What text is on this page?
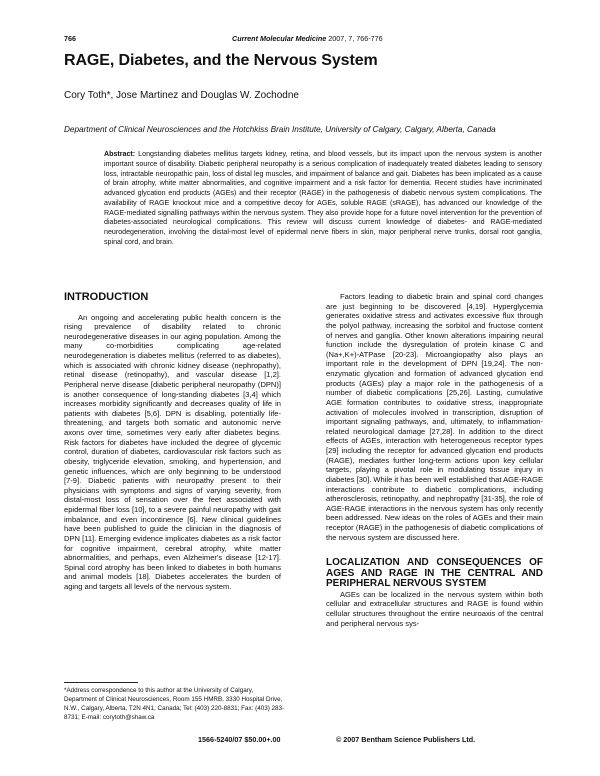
766	Current Molecular Medicine 2007, 7, 766-776
RAGE, Diabetes, and the Nervous System
Cory Toth*, Jose Martinez and Douglas W. Zochodne
Department of Clinical Neurosciences and the Hotchkiss Brain Institute, University of Calgary, Calgary, Alberta, Canada
Abstract: Longstanding diabetes mellitus targets kidney, retina, and blood vessels, but its impact upon the nervous system is another important source of disability. Diabetic peripheral neuropathy is a serious complication of inadequately treated diabetes leading to sensory loss, intractable neuropathic pain, loss of distal leg muscles, and impairment of balance and gait. Diabetes has been implicated as a cause of brain atrophy, white matter abnormalities, and cognitive impairment and a risk factor for dementia. Recent studies have incriminated advanced glycation end products (AGEs) and their receptor (RAGE) in the pathogenesis of diabetic nervous system complications. The availability of RAGE knockout mice and a competitive decoy for AGEs, soluble RAGE (sRAGE), has advanced our knowledge of the RAGE-mediated signalling pathways within the nervous system. They also provide hope for a future novel intervention for the prevention of diabetes-associated neurological complications. This review will discuss current knowledge of diabetes- and RAGE-mediated neurodegeneration, involving the distal-most level of epidermal nerve fibers in skin, major peripheral nerve trunks, dorsal root ganglia, spinal cord, and brain.

INTRODUCTION

An ongoing and accelerating public health concern is the rising prevalence of disability related to chronic neurodegenerative diseases in our aging population. Among the many co-morbidities complicating age-related neurodegeneration is diabetes mellitus (referred to as diabetes), which is associated with chronic kidney disease (nephropathy), retinal disease (retinopathy), and vascular disease [1,2]. Peripheral nerve disease [diabetic peripheral neuropathy (DPN)] is another consequence of long-standing diabetes [3,4] which increases morbidity significantly and decreases quality of life in patients with diabetes [5,6]. DPN is disabling, potentially life-threatening, and targets both somatic and autonomic nerve axons over time, sometimes very early after diabetes begins. Risk factors for diabetes have included the degree of glycemic control, duration of diabetes, cardiovascular risk factors such as obesity, triglyceride elevation, smoking, and hypertension, and genetic influences, which are only beginning to be understood [7-9]. Diabetic patients with neuropathy present to their physicians with symptoms and signs of varying severity, from distal-most loss of sensation over the feet associated with epidermal fiber loss [10], to a severe painful neuropathy with gait imbalance, and even incontinence [6]. New clinical guidelines have been published to guide the clinician in the diagnosis of DPN [11]. Emerging evidence implicates diabetes as a risk factor for cognitive impairment, cerebral atrophy, white matter abnormalities, and perhaps, even Alzheimer's disease [12-17]. Spinal cord atrophy has been linked to diabetes in both humans and animal models [18]. Diabetes accelerates the burden of aging and targets all levels of the nervous system.

Factors leading to diabetic brain and spinal cord changes are just beginning to be discovered [4,19]. Hyperglycemia generates oxidative stress and activates excessive flux through the polyol pathway, increasing the sorbitol and fructose content of nerves and ganglia. Other known alterations impairing neural function include the dysregulation of protein kinase C and (Na+,K+)-ATPase [20-23]. Microangiopathy also plays an important role in the development of DPN [19,24]. The non-enzymatic glycation and formation of advanced glycation end products (AGEs) play a major role in the pathogenesis of a number of diabetic complications [25,26]. Lasting, cumulative AGE formation contributes to oxidative stress, inappropriate activation of molecules involved in transcription, disruption of important signaling pathways, and, ultimately, to inflammation-related neurological damage [27,28]. In addition to the direct effects of AGEs, interaction with heterogeneous receptor types [29] including the receptor for advanced glycation end products (RAGE), mediates further long-term actions upon key cellular targets, playing a pivotal role in modulating tissue injury in diabetes [30]. While it has been well established that AGE-RAGE interactions contribute to diabetic complications, including atherosclerosis, retinopathy, and nephropathy [31-35], the role of AGE-RAGE interactions in the nervous system has only recently been addressed. New ideas on the roles of AGEs and their main receptor (RAGE) in the pathogenesis of diabetic complications of the nervous system are discussed here.

LOCALIZATION AND CONSEQUENCES OF AGES AND RAGE IN THE CENTRAL AND PERIPHERAL NERVOUS SYSTEM

AGEs can be localized in the nervous system within both cellular and extracellular structures and RAGE is found within cellular structures throughout the entire neuroaxis of the central and peripheral nervous sys-

*Address correspondence to this author at the University of Calgary, Department of Clinical Neurosciences, Room 155 HMRB, 3330 Hospital Drive, N.W., Calgary, Alberta, T2N 4N1, Canada; Tel: (403) 220-8831; Fax: (403) 283-8731; E-mail: corytoth@shaw.ca
1566-5240/07 $50.00+.00	© 2007 Bentham Science Publishers Ltd.
